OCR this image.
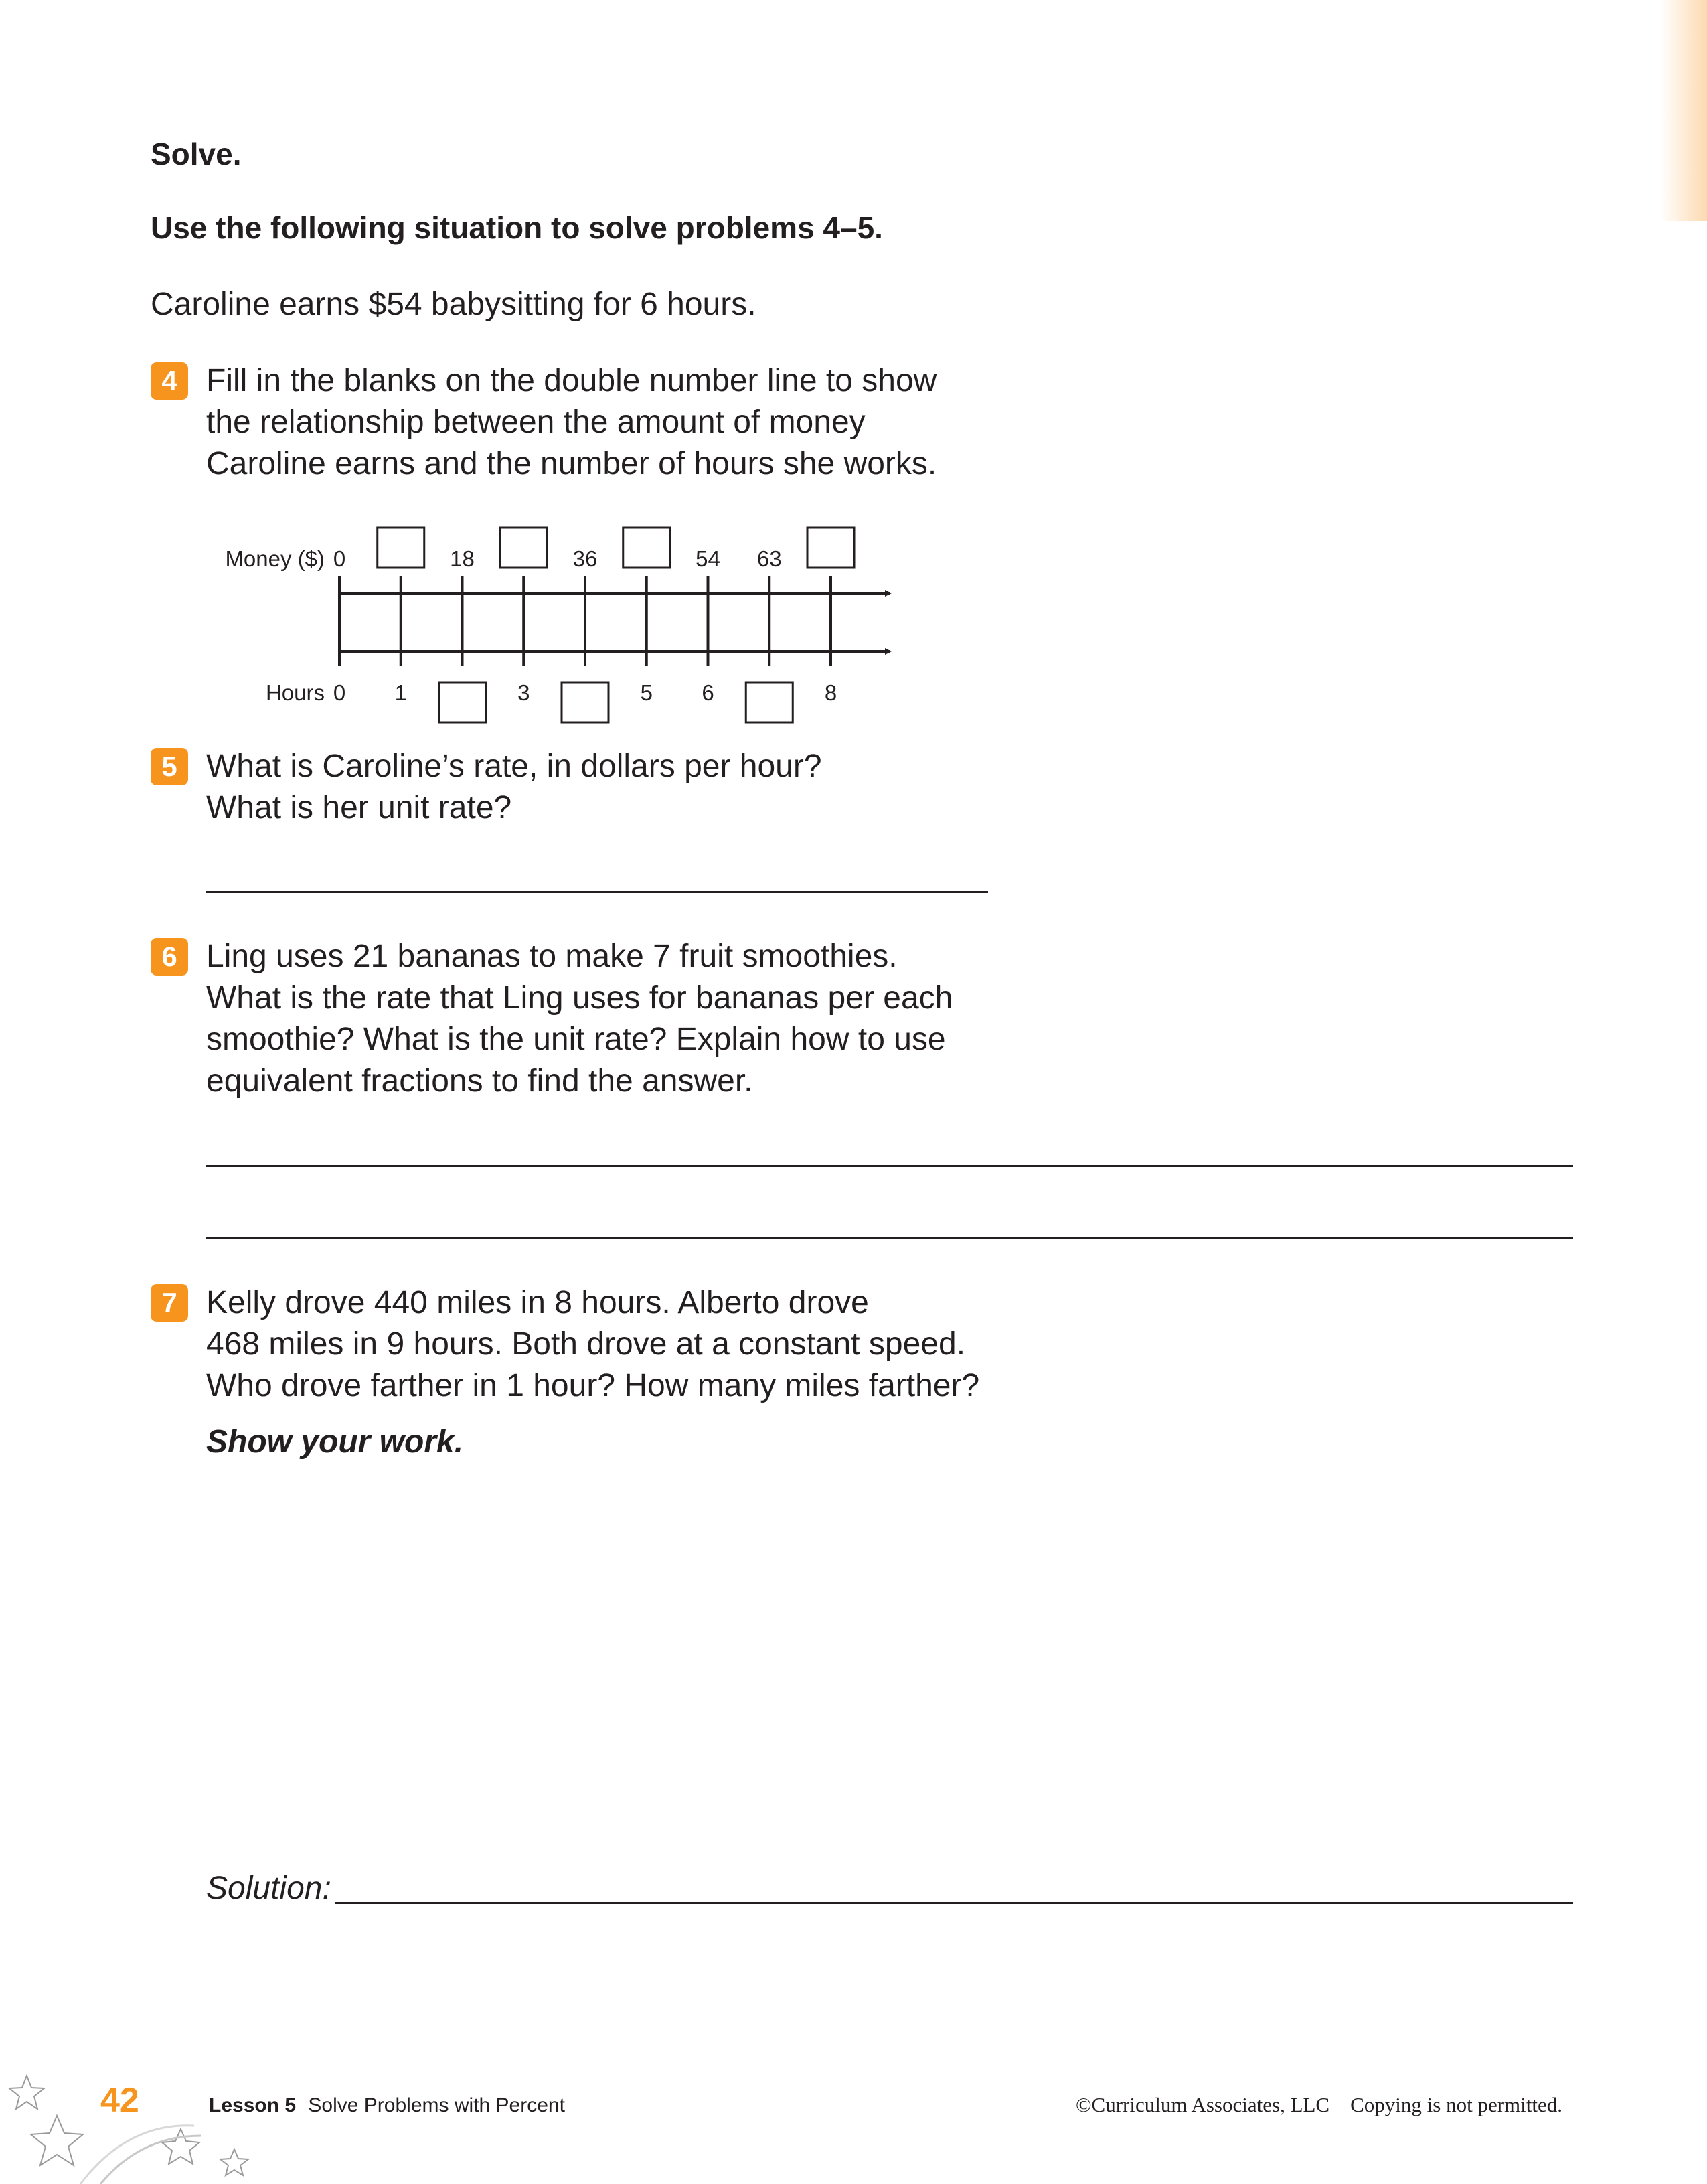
Solve.
Use the following situation to solve problems 4–5.
Caroline earns $54 babysitting for 6 hours.
4 Fill in the blanks on the double number line to show
the relationship between the amount of money
Caroline earns and the number of hours she works.
Money ($)
Hours
0
0 1
18
3
36
5
54
6
63
8
5 What is Caroline’s rate, in dollars per hour?
What is her unit rate?
6 Ling uses 21 bananas to make 7 fruit smoothies.
What is the rate that Ling uses for bananas per each
smoothie? What is the unit rate? Explain how to use
equivalent fractions to find the answer.
7 Kelly drove 440 miles in 8 hours. Alberto drove
468 miles in 9 hours. Both drove at a constant speed.
Who drove farther in 1 hour? How many miles farther?
Show your work.
Solution:
42	Lesson 5 Solve Problems with Percent	©Curriculum Associates, LLC    Copying is not permitted.
